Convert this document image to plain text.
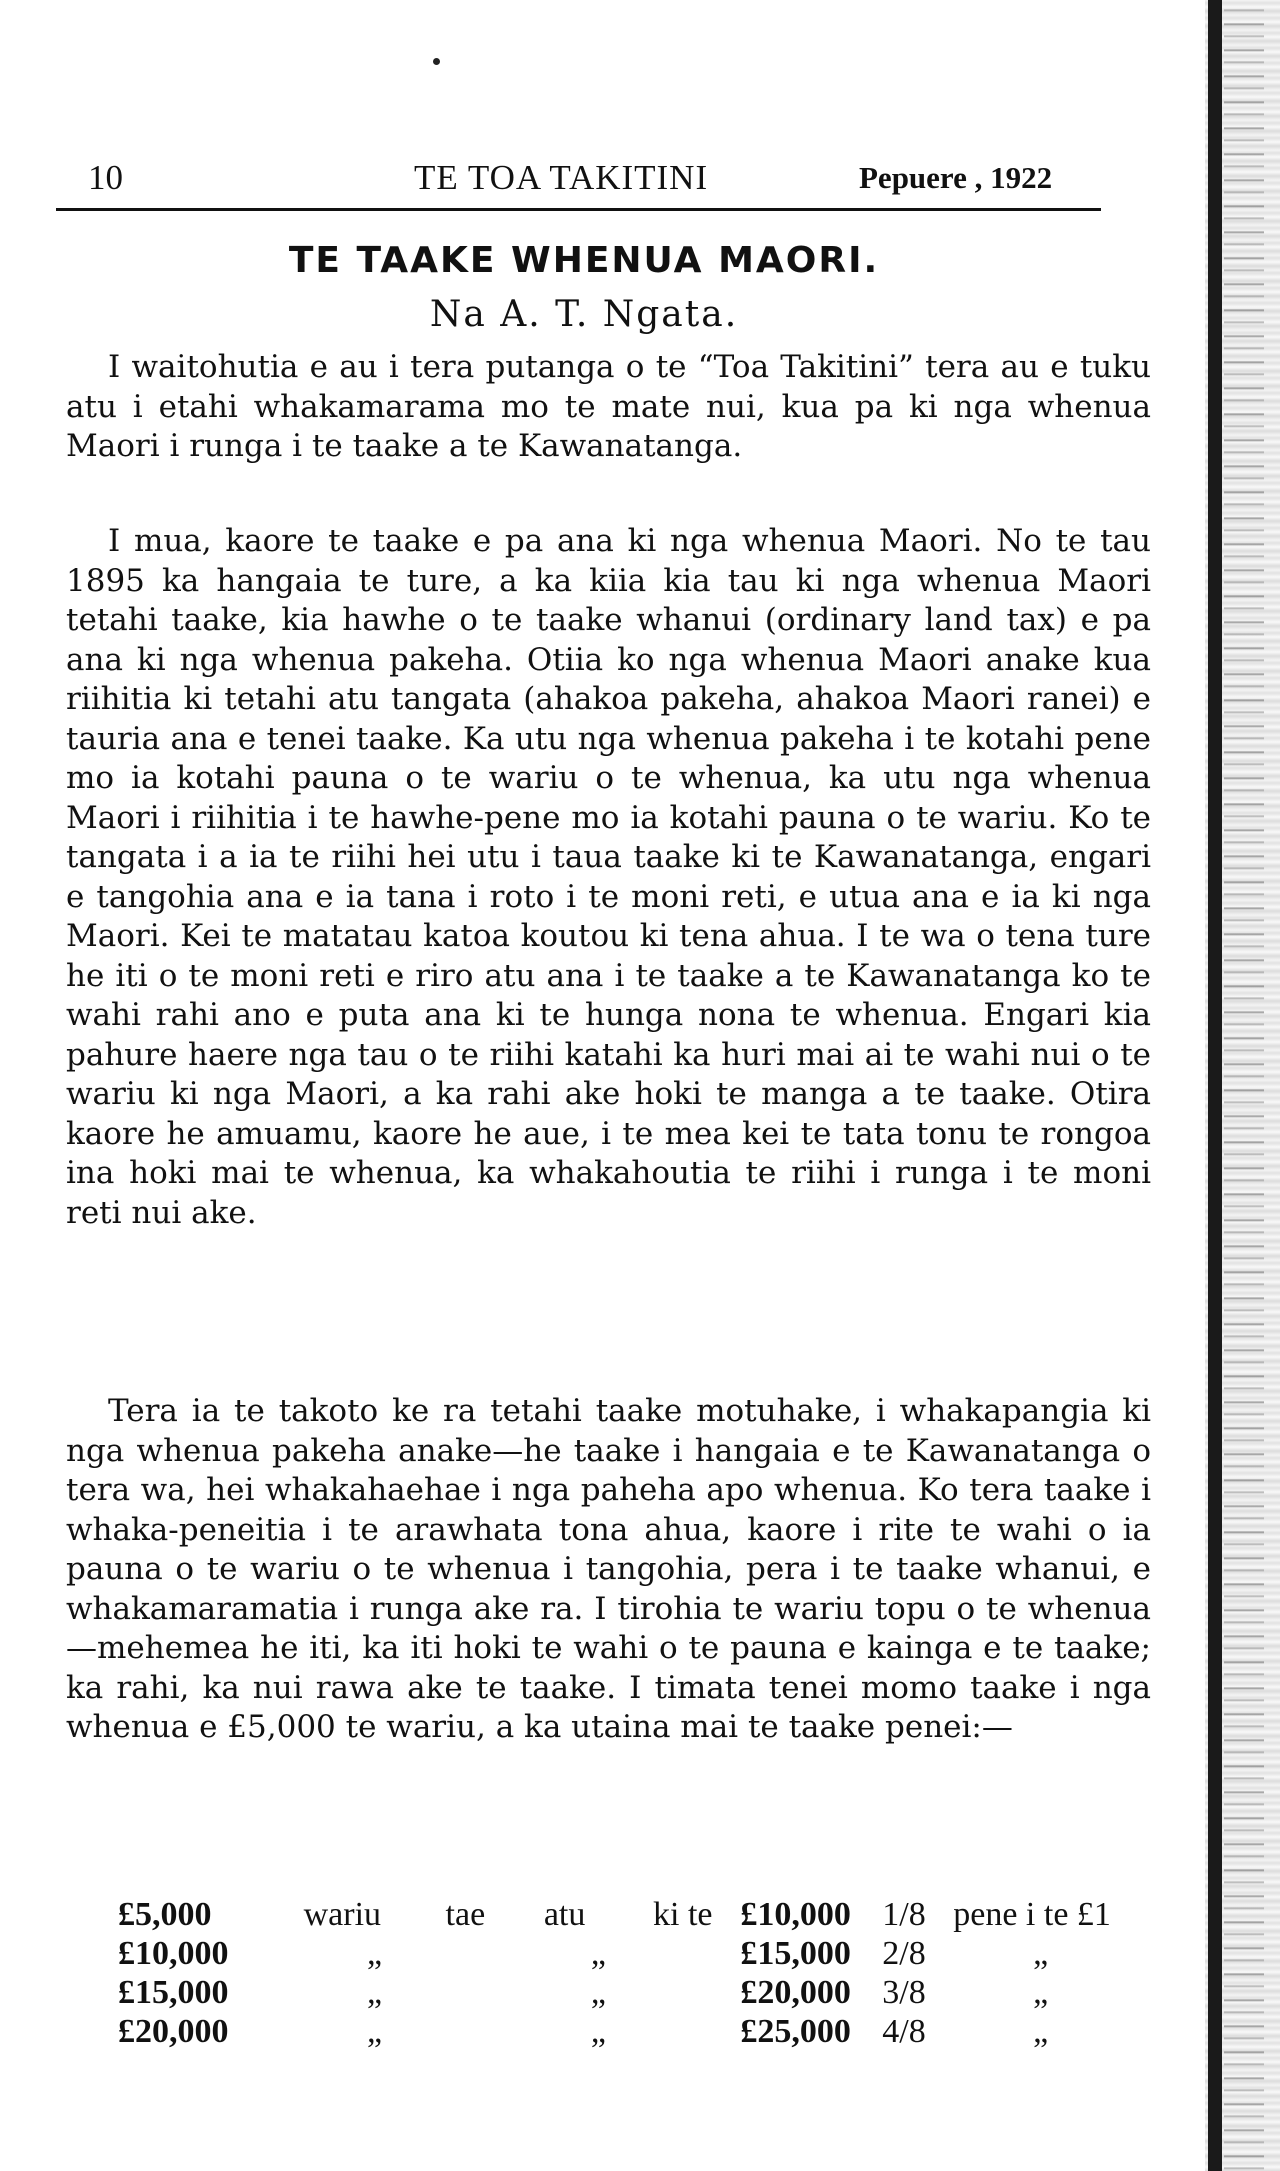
10	TE TOA TAKITINI	Pepuere , 1922
TE TAAKE WHENUA MAORI.
Na A. T. Ngata.

I waitohutia e au i tera putanga o te “Toa Takitini” tera au e tuku atu i etahi whakamarama mo te mate nui, kua pa ki nga whenua Maori i runga i te taake a te Kawanatanga.

I mua, kaore te taake e pa ana ki nga whenua Maori. No te tau 1895 ka hangaia te ture, a ka kiia kia tau ki nga whenua Maori tetahi taake, kia hawhe o te taake whanui (ordinary land tax) e pa ana ki nga whenua pakeha. Otiia ko nga whenua Maori anake kua riihitia ki tetahi atu tangata (ahakoa pakeha, ahakoa Maori ranei) e tauria ana e tenei taake. Ka utu nga whenua pakeha i te kotahi pene mo ia kotahi pauna o te wariu o te whenua, ka utu nga whenua Maori i riihitia i te hawhe-pene mo ia kotahi pauna o te wariu. Ko te tangata i a ia te riihi hei utu i taua taake ki te Kawanatanga, engari e tangohia ana e ia tana i roto i te moni reti, e utua ana e ia ki nga Maori. Kei te matatau katoa koutou ki tena ahua. I te wa o tena ture he iti o te moni reti e riro atu ana i te taake a te Kawanatanga ko te wahi rahi ano e puta ana ki te hunga nona te whenua. Engari kia pahure haere nga tau o te riihi katahi ka huri mai ai te wahi nui o te wariu ki nga Maori, a ka rahi ake hoki te manga a te taake. Otira kaore he amuamu, kaore he aue, i te mea kei te tata tonu te rongoa ina hoki mai te whenua, ka whakahoutia te riihi i runga i te moni reti nui ake.

Tera ia te takoto ke ra tetahi taake motuhake, i whakapangia ki nga whenua pakeha anake—he taake i hangaia e te Kawanatanga o tera wa, hei whakahaehae i nga paheha apo whenua. Ko tera taake i whaka-peneitia i te arawhata tona ahua, kaore i rite te wahi o ia pauna o te wariu o te whenua i tangohia, pera i te taake whanui, e whakamaramatia i runga ake ra. I tirohia te wariu topu o te whenua—mehemea he iti, ka iti hoki te wahi o te pauna e kainga e te taake; ka rahi, ka nui rawa ake te taake. I timata tenei momo taake i nga whenua e £5,000 te wariu, a ka utaina mai te taake penei:—

£5,000	wariu	tae	atu	ki te	£10,000	1/8	pene i te £1
£10,000	„		„		£15,000	2/8	„
£15,000	„		„		£20,000	3/8	„
£20,000	„		„		£25,000	4/8	„
